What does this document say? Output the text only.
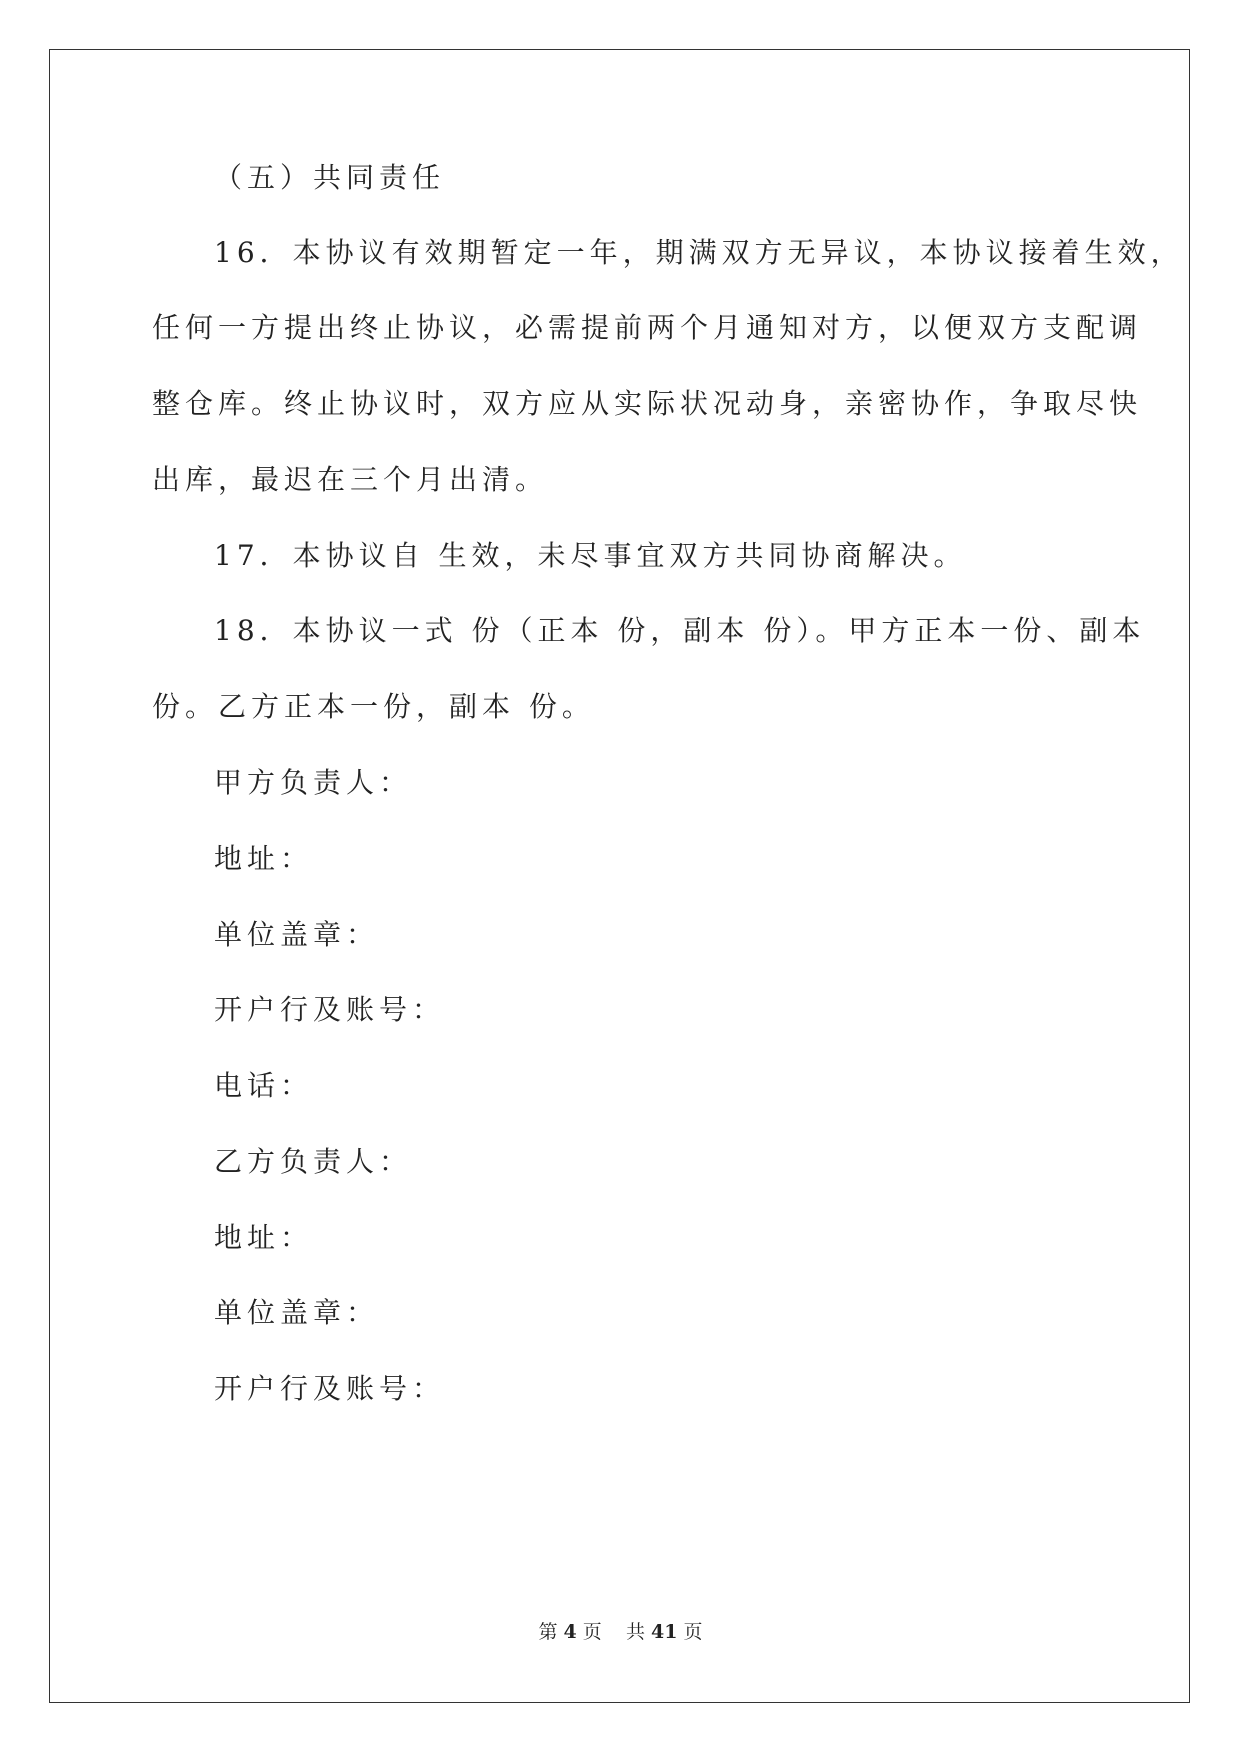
（五）共同责任
16．本协议有效期暂定一年，期满双方无异议，本协议接着生效，
任何一方提出终止协议，必需提前两个月通知对方，以便双方支配调
整仓库。终止协议时，双方应从实际状况动身，亲密协作，争取尽快
出库，最迟在三个月出清。
17．本协议自 生效，未尽事宜双方共同协商解决。
18．本协议一式 份（正本 份，副本 份）。甲方正本一份、副本
份。乙方正本一份，副本 份。
甲方负责人：
地址：
单位盖章：
开户行及账号：
电话：
乙方负责人：
地址：
单位盖章：
开户行及账号：
第 4 页 共 41 页
